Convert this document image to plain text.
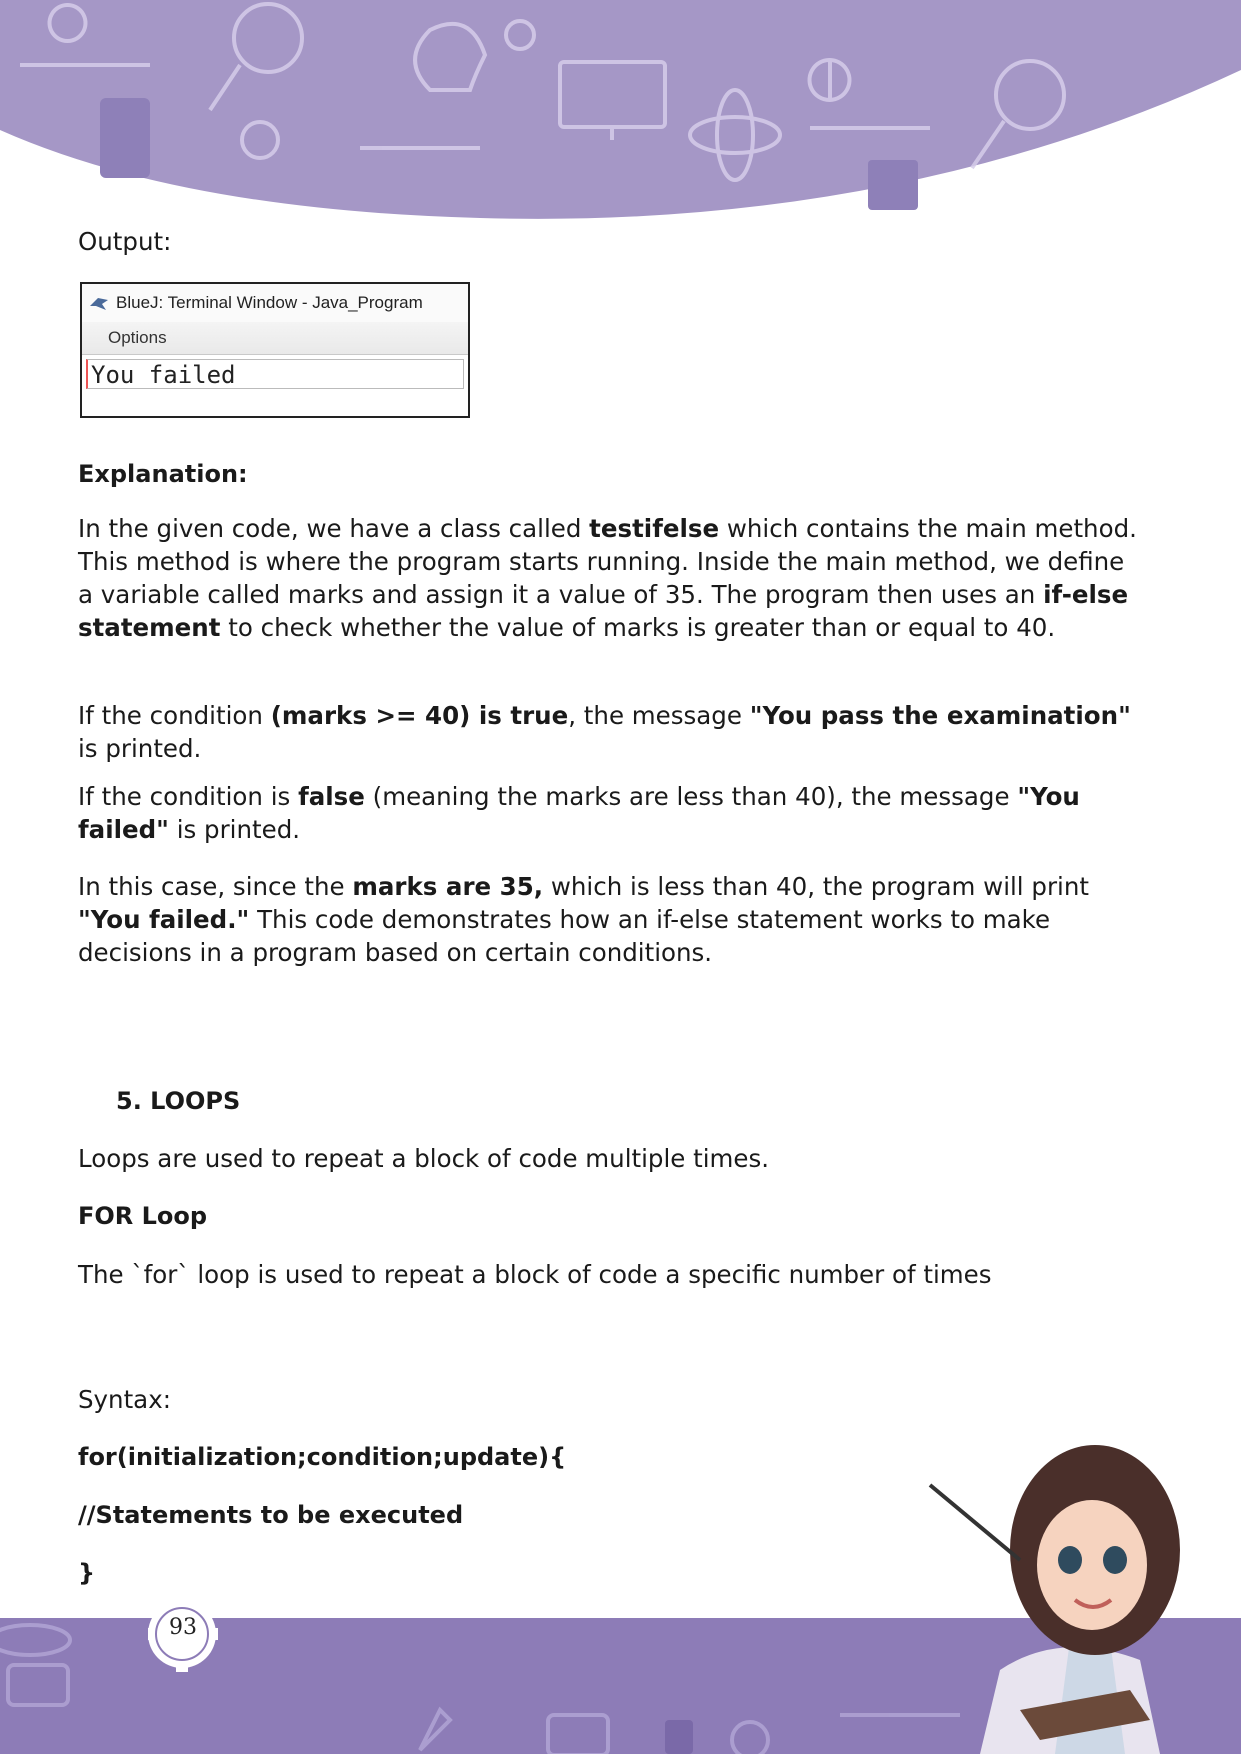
Output:

Explanation:

In the given code, we have a class called testifelse which contains the main method. This method is where the program starts running. Inside the main method, we define a variable called marks and assign it a value of 35. The program then uses an if-else statement to check whether the value of marks is greater than or equal to 40.

If the condition (marks >= 40) is true, the message "You pass the examination" is printed.

If the condition is false (meaning the marks are less than 40), the message "You failed" is printed.

In this case, since the marks are 35, which is less than 40, the program will print "You failed." This code demonstrates how an if-else statement works to make decisions in a program based on certain conditions.

5. LOOPS

Loops are used to repeat a block of code multiple times.

FOR Loop

The `for` loop is used to repeat a block of code a specific number of times

Syntax:

for(initialization;condition;update){

//Statements to be executed

}

BlueJ: Terminal Window - Java_Program
Options
You failed
93
